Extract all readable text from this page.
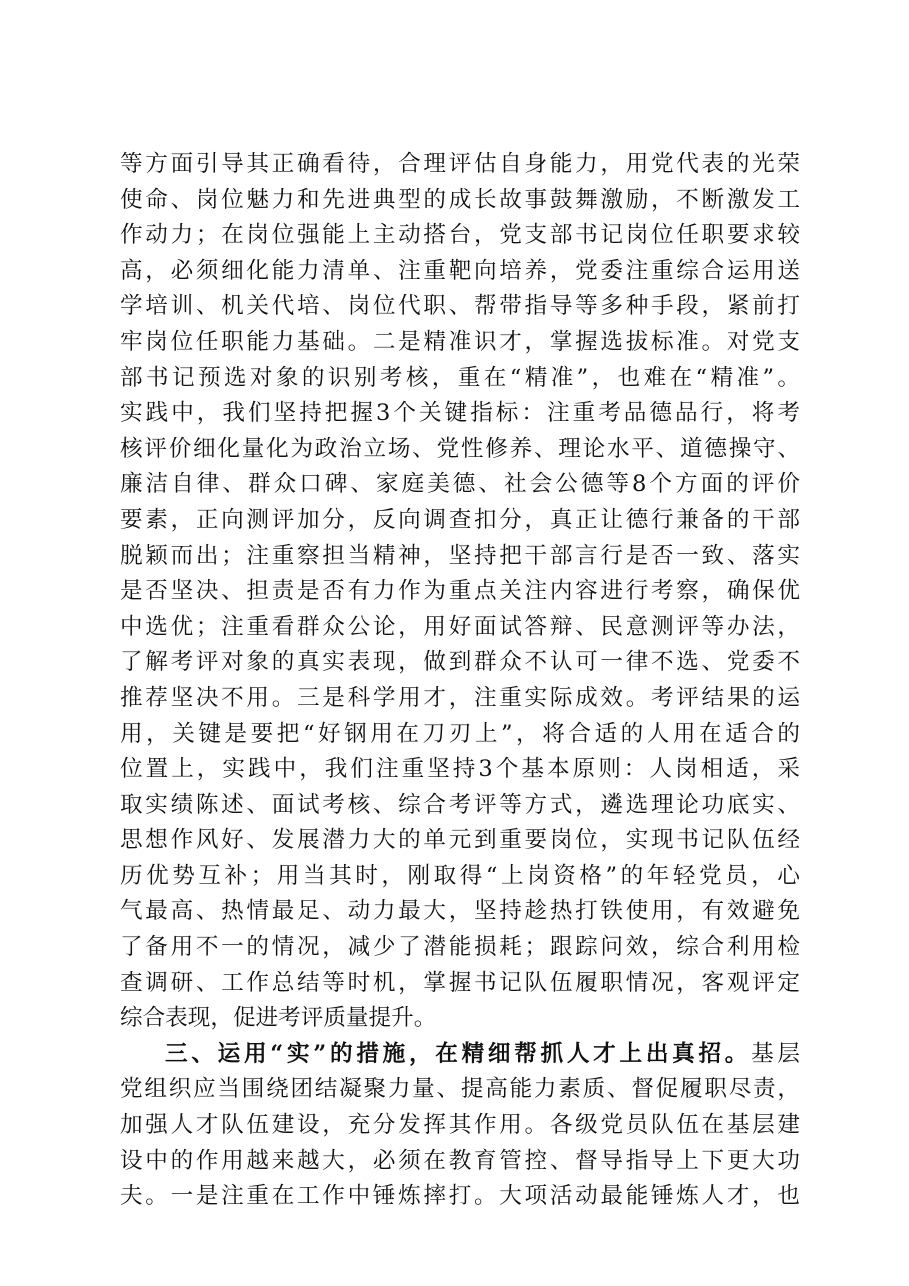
等方面引导其正确看待，合理评估自身能力，用党代表的光荣
使命、岗位魅力和先进典型的成长故事鼓舞激励，不断激发工
作动力；在岗位强能上主动搭台，党支部书记岗位任职要求较
高，必须细化能力清单、注重靶向培养，党委注重综合运用送
学培训、机关代培、岗位代职、帮带指导等多种手段，紧前打
牢岗位任职能力基础。二是精准识才，掌握选拔标准。对党支
部书记预选对象的识别考核，重在“精准”，也难在“精准”。
实践中，我们坚持把握3个关键指标：注重考品德品行，将考
核评价细化量化为政治立场、党性修养、理论水平、道德操守、
廉洁自律、群众口碑、家庭美德、社会公德等8个方面的评价
要素，正向测评加分，反向调查扣分，真正让德行兼备的干部
脱颖而出；注重察担当精神，坚持把干部言行是否一致、落实
是否坚决、担责是否有力作为重点关注内容进行考察，确保优
中选优；注重看群众公论，用好面试答辩、民意测评等办法，
了解考评对象的真实表现，做到群众不认可一律不选、党委不
推荐坚决不用。三是科学用才，注重实际成效。考评结果的运
用，关键是要把“好钢用在刀刃上”，将合适的人用在适合的
位置上，实践中，我们注重坚持3个基本原则：人岗相适，采
取实绩陈述、面试考核、综合考评等方式，遴选理论功底实、
思想作风好、发展潜力大的单元到重要岗位，实现书记队伍经
历优势互补；用当其时，刚取得“上岗资格”的年轻党员，心
气最高、热情最足、动力最大，坚持趁热打铁使用，有效避免
了备用不一的情况，减少了潜能损耗；跟踪问效，综合利用检
查调研、工作总结等时机，掌握书记队伍履职情况，客观评定
综合表现，促进考评质量提升。
三、运用“实”的措施，在精细帮抓人才上出真招。基层
党组织应当围绕团结凝聚力量、提高能力素质、督促履职尽责，
加强人才队伍建设，充分发挥其作用。各级党员队伍在基层建
设中的作用越来越大，必须在教育管控、督导指导上下更大功
夫。一是注重在工作中锤炼摔打。大项活动最能锤炼人才，也
